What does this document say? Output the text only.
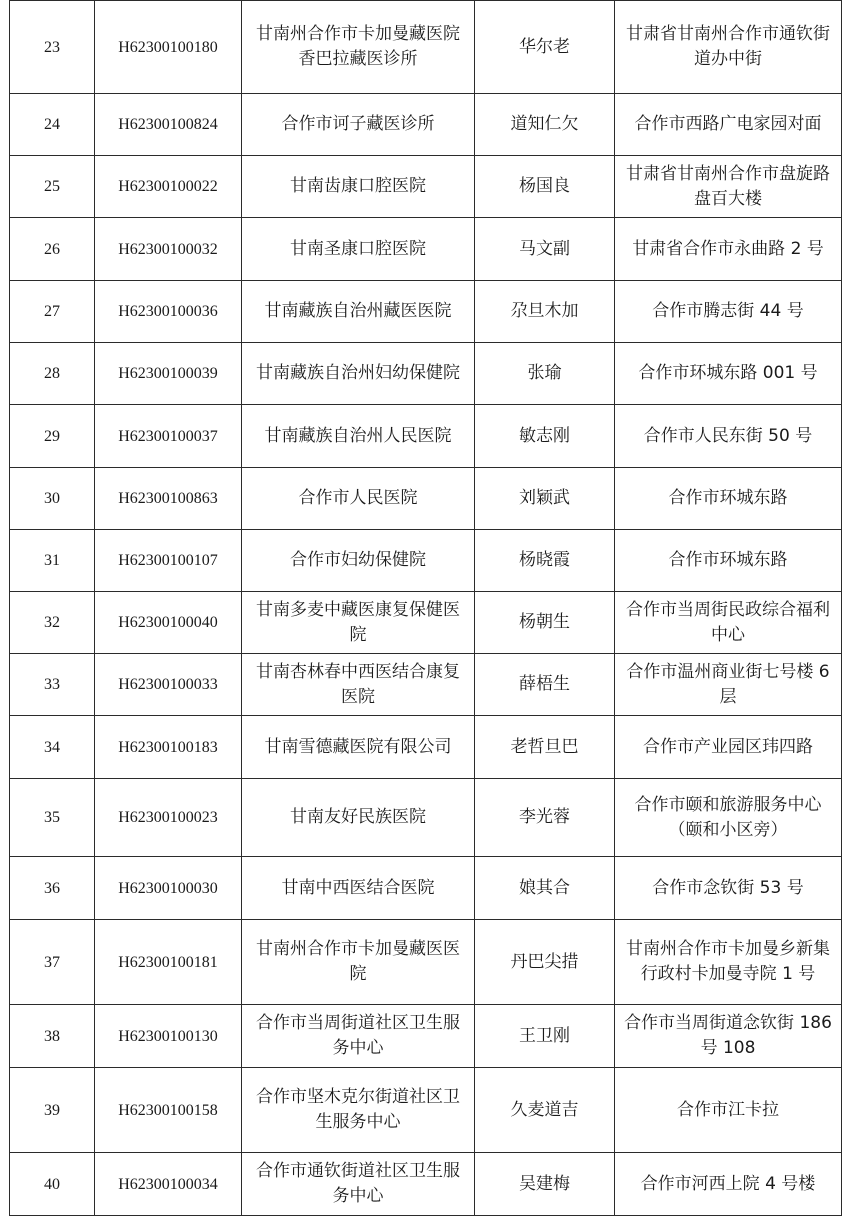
23	H62300100180	甘南州合作市卡加曼藏医院香巴拉藏医诊所	华尔老	甘肃省甘南州合作市通钦街道办中街
24	H62300100824	合作市诃子藏医诊所	道知仁欠	合作市西路广电家园对面
25	H62300100022	甘南齿康口腔医院	杨国良	甘肃省甘南州合作市盘旋路盘百大楼
26	H62300100032	甘南圣康口腔医院	马文副	甘肃省合作市永曲路 2 号
27	H62300100036	甘南藏族自治州藏医医院	尕旦木加	合作市腾志街 44 号
28	H62300100039	甘南藏族自治州妇幼保健院	张瑜	合作市环城东路 001 号
29	H62300100037	甘南藏族自治州人民医院	敏志刚	合作市人民东街 50 号
30	H62300100863	合作市人民医院	刘颖武	合作市环城东路
31	H62300100107	合作市妇幼保健院	杨晓霞	合作市环城东路
32	H62300100040	甘南多麦中藏医康复保健医院	杨朝生	合作市当周街民政综合福利中心
33	H62300100033	甘南杏林春中西医结合康复医院	薛梧生	合作市温州商业街七号楼 6 层
34	H62300100183	甘南雪德藏医院有限公司	老哲旦巴	合作市产业园区玮四路
35	H62300100023	甘南友好民族医院	李光蓉	合作市颐和旅游服务中心（颐和小区旁）
36	H62300100030	甘南中西医结合医院	娘其合	合作市念钦街 53 号
37	H62300100181	甘南州合作市卡加曼藏医医院	丹巴尖措	甘南州合作市卡加曼乡新集行政村卡加曼寺院 1 号
38	H62300100130	合作市当周街道社区卫生服务中心	王卫刚	合作市当周街道念钦街 186 号 108
39	H62300100158	合作市坚木克尔街道社区卫生服务中心	久麦道吉	合作市江卡拉
40	H62300100034	合作市通钦街道社区卫生服务中心	吴建梅	合作市河西上院 4 号楼
